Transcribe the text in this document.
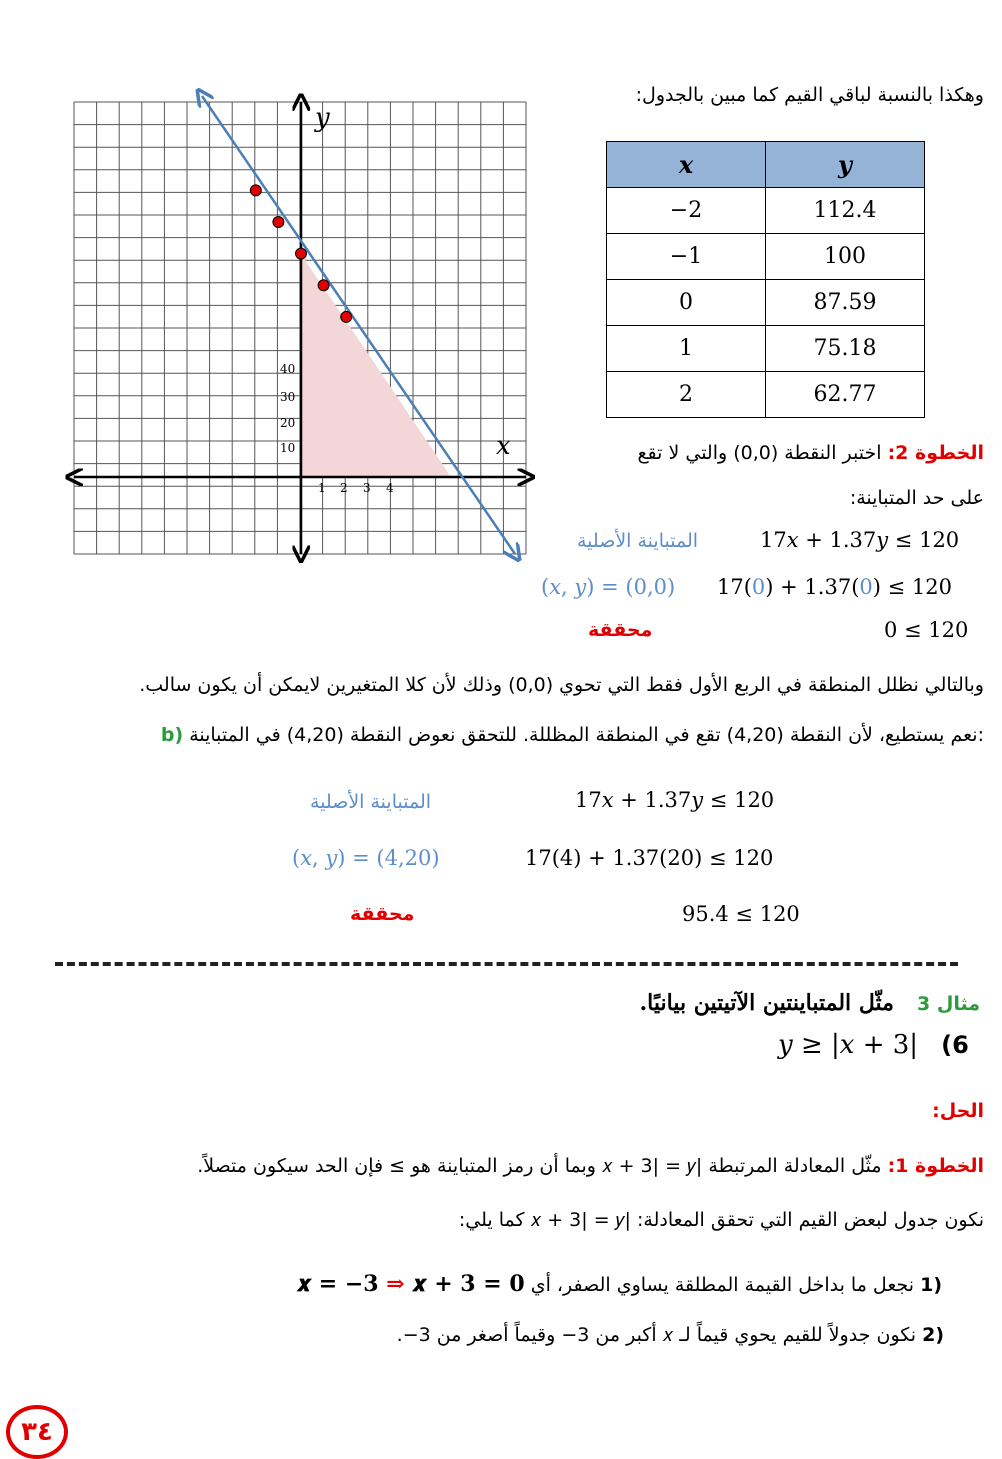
y
x
1 2 3 4
10
20
30
40
وهكذا بالنسبة لباقي القيم كما مبين بالجدول:
x	y
−2	112.4
−1	100
0	87.59
1	75.18
2	62.77
الخطوة 2: اختبر النقطة (0,0) والتي لا تقع
على حد المتباينة:
17𝑥 + 1.37𝑦 ≤ 120
المتباينة الأصلية
17(0) + 1.37(0) ≤ 120
(𝑥, 𝑦) = (0,0)
0 ≤ 120
محققة
وبالتالي نظلل المنطقة في الربع الأول فقط التي تحوي (0,0) وذلك لأن كلا المتغيرين لايمكن أن يكون سالب.
b) نعم يستطيع، لأن النقطة (4,20) تقع في المنطقة المظللة. للتحقق نعوض النقطة (4,20) في المتباينة:
17𝑥 + 1.37𝑦 ≤ 120
المتباينة الأصلية
17(4) + 1.37(20) ≤ 120
(𝑥, 𝑦) = (4,20)
95.4 ≤ 120
محققة
مثال 3 مثّل المتباينتين الآتيتين بيانيًا.
𝑦 ≥ |𝑥 + 3| (6
الحل:
الخطوة 1: مثّل المعادلة المرتبطة |𝑥 + 3| = 𝑦 وبما أن رمز المتباينة هو ≥ فإن الحد سيكون متصلاً.
نكون جدول لبعض القيم التي تحقق المعادلة: |𝑥 + 3| = 𝑦 كما يلي:
1) نجعل ما بداخل القيمة المطلقة يساوي الصفر، أي 𝒙 = −𝟑 ⇒ 𝒙 + 𝟑 = 𝟎
2) نكون جدولاً للقيم يحوي قيماً لـ 𝑥 أكبر من 3− وقيماً أصغر من 3−.
٣٤
